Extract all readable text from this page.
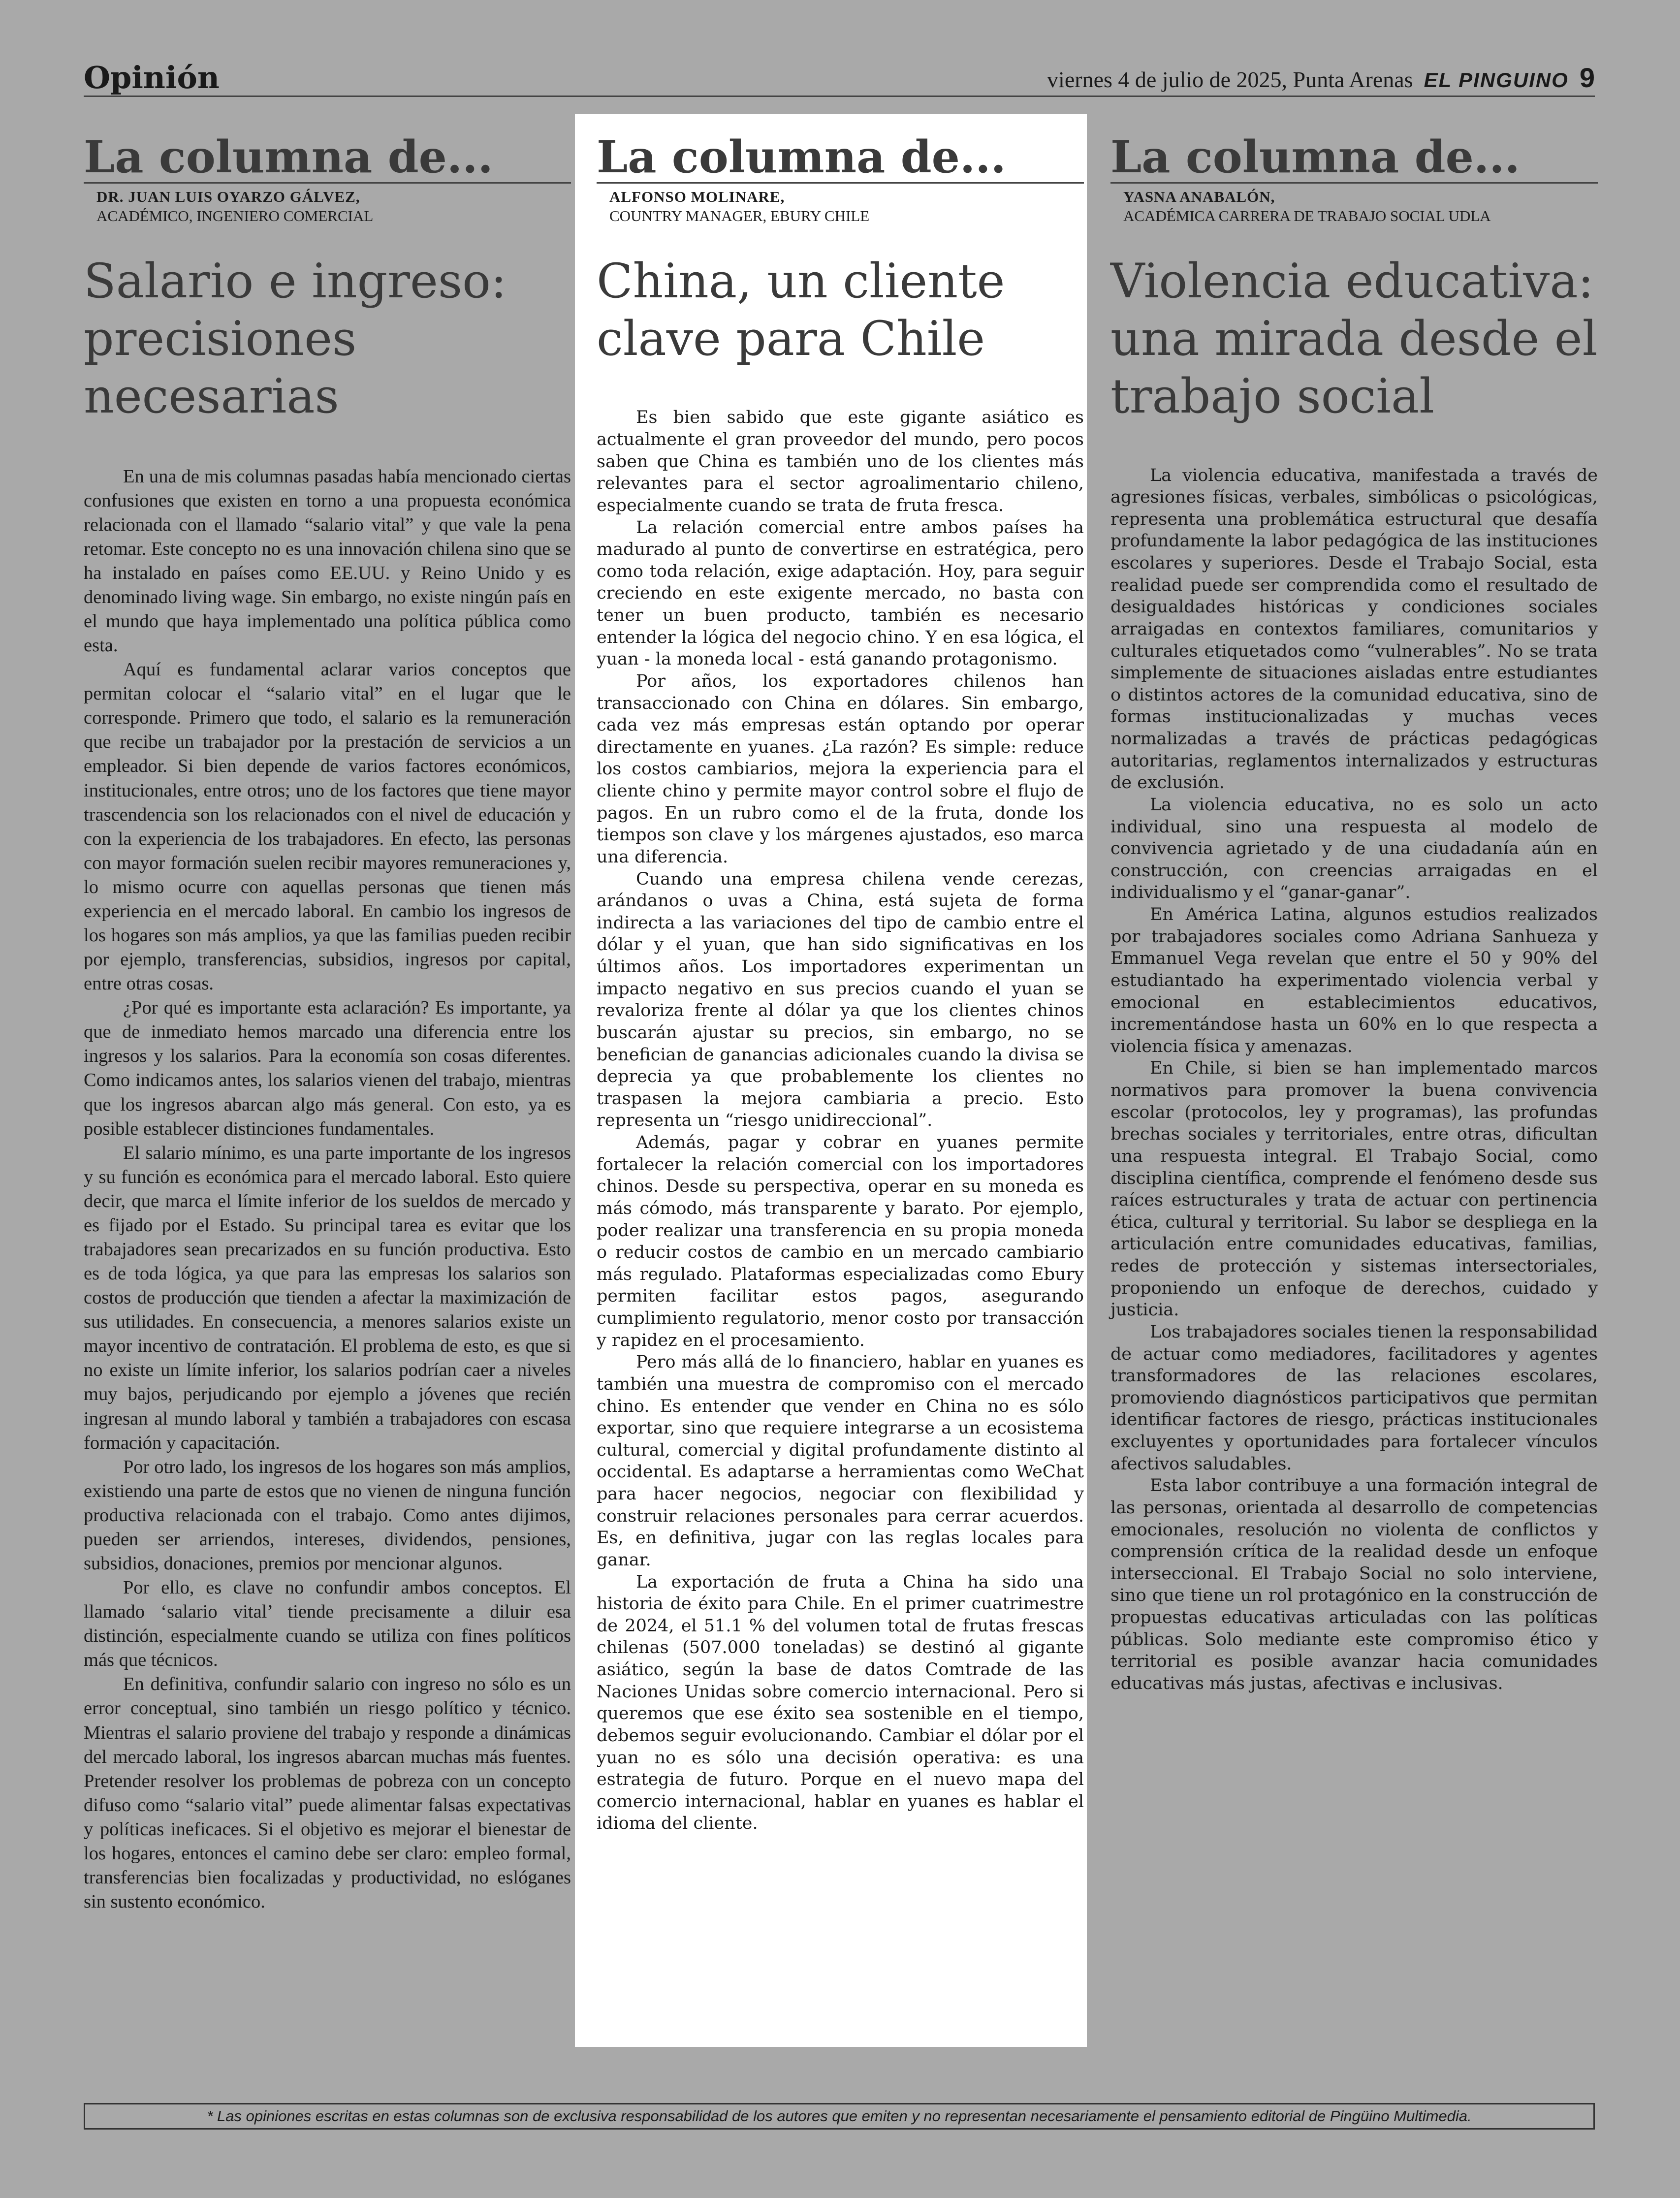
Opinión	viernes 4 de julio de 2025, Punta Arenas EL PINGUINO 9
La columna de...
DR. JUAN LUIS OYARZO GÁLVEZ,
ACADÉMICO, INGENIERO COMERCIAL
Salario e ingreso: precisiones necesarias

En una de mis columnas pasadas había mencionado ciertas confusiones que existen en torno a una propuesta económica relacionada con el llamado “salario vital” y que vale la pena retomar. Este concepto no es una innovación chilena sino que se ha instalado en países como EE.UU. y Reino Unido y es denominado living wage. Sin embargo, no existe ningún país en el mundo que haya implementado una política pública como esta.

Aquí es fundamental aclarar varios conceptos que permitan colocar el “salario vital” en el lugar que le corresponde. Primero que todo, el salario es la remuneración que recibe un trabajador por la prestación de servicios a un empleador. Si bien depende de varios factores económicos, institucionales, entre otros; uno de los factores que tiene mayor trascendencia son los relacionados con el nivel de educación y con la experiencia de los trabajadores. En efecto, las personas con mayor formación suelen recibir mayores remuneraciones y, lo mismo ocurre con aquellas personas que tienen más experiencia en el mercado laboral. En cambio los ingresos de los hogares son más amplios, ya que las familias pueden recibir por ejemplo, transferencias, subsidios, ingresos por capital, entre otras cosas.

¿Por qué es importante esta aclaración? Es importante, ya que de inmediato hemos marcado una diferencia entre los ingresos y los salarios. Para la economía son cosas diferentes. Como indicamos antes, los salarios vienen del trabajo, mientras que los ingresos abarcan algo más general. Con esto, ya es posible establecer distinciones fundamentales.

El salario mínimo, es una parte importante de los ingresos y su función es económica para el mercado laboral. Esto quiere decir, que marca el límite inferior de los sueldos de mercado y es fijado por el Estado. Su principal tarea es evitar que los trabajadores sean precarizados en su función productiva. Esto es de toda lógica, ya que para las empresas los salarios son costos de producción que tienden a afectar la maximización de sus utilidades. En consecuencia, a menores salarios existe un mayor incentivo de contratación. El problema de esto, es que si no existe un límite inferior, los salarios podrían caer a niveles muy bajos, perjudicando por ejemplo a jóvenes que recién ingresan al mundo laboral y también a trabajadores con escasa formación y capacitación.

Por otro lado, los ingresos de los hogares son más amplios, existiendo una parte de estos que no vienen de ninguna función productiva relacionada con el trabajo. Como antes dijimos, pueden ser arriendos, intereses, dividendos, pensiones, subsidios, donaciones, premios por mencionar algunos.

Por ello, es clave no confundir ambos conceptos. El llamado ‘salario vital’ tiende precisamente a diluir esa distinción, especialmente cuando se utiliza con fines políticos más que técnicos.

En definitiva, confundir salario con ingreso no sólo es un error conceptual, sino también un riesgo político y técnico. Mientras el salario proviene del trabajo y responde a dinámicas del mercado laboral, los ingresos abarcan muchas más fuentes. Pretender resolver los problemas de pobreza con un concepto difuso como “salario vital” puede alimentar falsas expectativas y políticas ineficaces. Si el objetivo es mejorar el bienestar de los hogares, entonces el camino debe ser claro: empleo formal, transferencias bien focalizadas y productividad, no eslóganes sin sustento económico.

La columna de...
ALFONSO MOLINARE,
COUNTRY MANAGER, EBURY CHILE
China, un cliente clave para Chile

Es bien sabido que este gigante asiático es actualmente el gran proveedor del mundo, pero pocos saben que China es también uno de los clientes más relevantes para el sector agroalimentario chileno, especialmente cuando se trata de fruta fresca.

La relación comercial entre ambos países ha madurado al punto de convertirse en estratégica, pero como toda relación, exige adaptación. Hoy, para seguir creciendo en este exigente mercado, no basta con tener un buen producto, también es necesario entender la lógica del negocio chino. Y en esa lógica, el yuan - la moneda local - está ganando protagonismo.

Por años, los exportadores chilenos han transaccionado con China en dólares. Sin embargo, cada vez más empresas están optando por operar directamente en yuanes. ¿La razón? Es simple: reduce los costos cambiarios, mejora la experiencia para el cliente chino y permite mayor control sobre el flujo de pagos. En un rubro como el de la fruta, donde los tiempos son clave y los márgenes ajustados, eso marca una diferencia.

Cuando una empresa chilena vende cerezas, arándanos o uvas a China, está sujeta de forma indirecta a las variaciones del tipo de cambio entre el dólar y el yuan, que han sido significativas en los últimos años. Los importadores experimentan un impacto negativo en sus precios cuando el yuan se revaloriza frente al dólar ya que los clientes chinos buscarán ajustar su precios, sin embargo, no se benefician de ganancias adicionales cuando la divisa se deprecia ya que probablemente los clientes no traspasen la mejora cambiaria a precio. Esto representa un “riesgo unidireccional”.

Además, pagar y cobrar en yuanes permite fortalecer la relación comercial con los importadores chinos. Desde su perspectiva, operar en su moneda es más cómodo, más transparente y barato. Por ejemplo, poder realizar una transferencia en su propia moneda o reducir costos de cambio en un mercado cambiario más regulado. Plataformas especializadas como Ebury permiten facilitar estos pagos, asegurando cumplimiento regulatorio, menor costo por transacción y rapidez en el procesamiento.

Pero más allá de lo financiero, hablar en yuanes es también una muestra de compromiso con el mercado chino. Es entender que vender en China no es sólo exportar, sino que requiere integrarse a un ecosistema cultural, comercial y digital profundamente distinto al occidental. Es adaptarse a herramientas como WeChat para hacer negocios, negociar con flexibilidad y construir relaciones personales para cerrar acuerdos. Es, en definitiva, jugar con las reglas locales para ganar.

La exportación de fruta a China ha sido una historia de éxito para Chile. En el primer cuatrimestre de 2024, el 51.1 % del volumen total de frutas frescas chilenas (507.000 toneladas) se destinó al gigante asiático, según la base de datos Comtrade de las Naciones Unidas sobre comercio internacional. Pero si queremos que ese éxito sea sostenible en el tiempo, debemos seguir evolucionando. Cambiar el dólar por el yuan no es sólo una decisión operativa: es una estrategia de futuro. Porque en el nuevo mapa del comercio internacional, hablar en yuanes es hablar el idioma del cliente.

La columna de...
YASNA ANABALÓN,
ACADÉMICA CARRERA DE TRABAJO SOCIAL UDLA
Violencia educativa: una mirada desde el trabajo social

La violencia educativa, manifestada a través de agresiones físicas, verbales, simbólicas o psicológicas, representa una problemática estructural que desafía profundamente la labor pedagógica de las instituciones escolares y superiores. Desde el Trabajo Social, esta realidad puede ser comprendida como el resultado de desigualdades históricas y condiciones sociales arraigadas en contextos familiares, comunitarios y culturales etiquetados como “vulnerables”. No se trata simplemente de situaciones aisladas entre estudiantes o distintos actores de la comunidad educativa, sino de formas institucionalizadas y muchas veces normalizadas a través de prácticas pedagógicas autoritarias, reglamentos internalizados y estructuras de exclusión.

La violencia educativa, no es solo un acto individual, sino una respuesta al modelo de convivencia agrietado y de una ciudadanía aún en construcción, con creencias arraigadas en el individualismo y el “ganar-ganar”.

En América Latina, algunos estudios realizados por trabajadores sociales como Adriana Sanhueza y Emmanuel Vega revelan que entre el 50 y 90% del estudiantado ha experimentado violencia verbal y emocional en establecimientos educativos, incrementándose hasta un 60% en lo que respecta a violencia física y amenazas.

En Chile, si bien se han implementado marcos normativos para promover la buena convivencia escolar (protocolos, ley y programas), las profundas brechas sociales y territoriales, entre otras, dificultan una respuesta integral. El Trabajo Social, como disciplina científica, comprende el fenómeno desde sus raíces estructurales y trata de actuar con pertinencia ética, cultural y territorial. Su labor se despliega en la articulación entre comunidades educativas, familias, redes de protección y sistemas intersectoriales, proponiendo un enfoque de derechos, cuidado y justicia.

Los trabajadores sociales tienen la responsabilidad de actuar como mediadores, facilitadores y agentes transformadores de las relaciones escolares, promoviendo diagnósticos participativos que permitan identificar factores de riesgo, prácticas institucionales excluyentes y oportunidades para fortalecer vínculos afectivos saludables.

Esta labor contribuye a una formación integral de las personas, orientada al desarrollo de competencias emocionales, resolución no violenta de conflictos y comprensión crítica de la realidad desde un enfoque interseccional. El Trabajo Social no solo interviene, sino que tiene un rol protagónico en la construcción de propuestas educativas articuladas con las políticas públicas. Solo mediante este compromiso ético y territorial es posible avanzar hacia comunidades educativas más justas, afectivas e inclusivas.

* Las opiniones escritas en estas columnas son de exclusiva responsabilidad de los autores que emiten y no representan necesariamente el pensamiento editorial de Pingüino Multimedia.
